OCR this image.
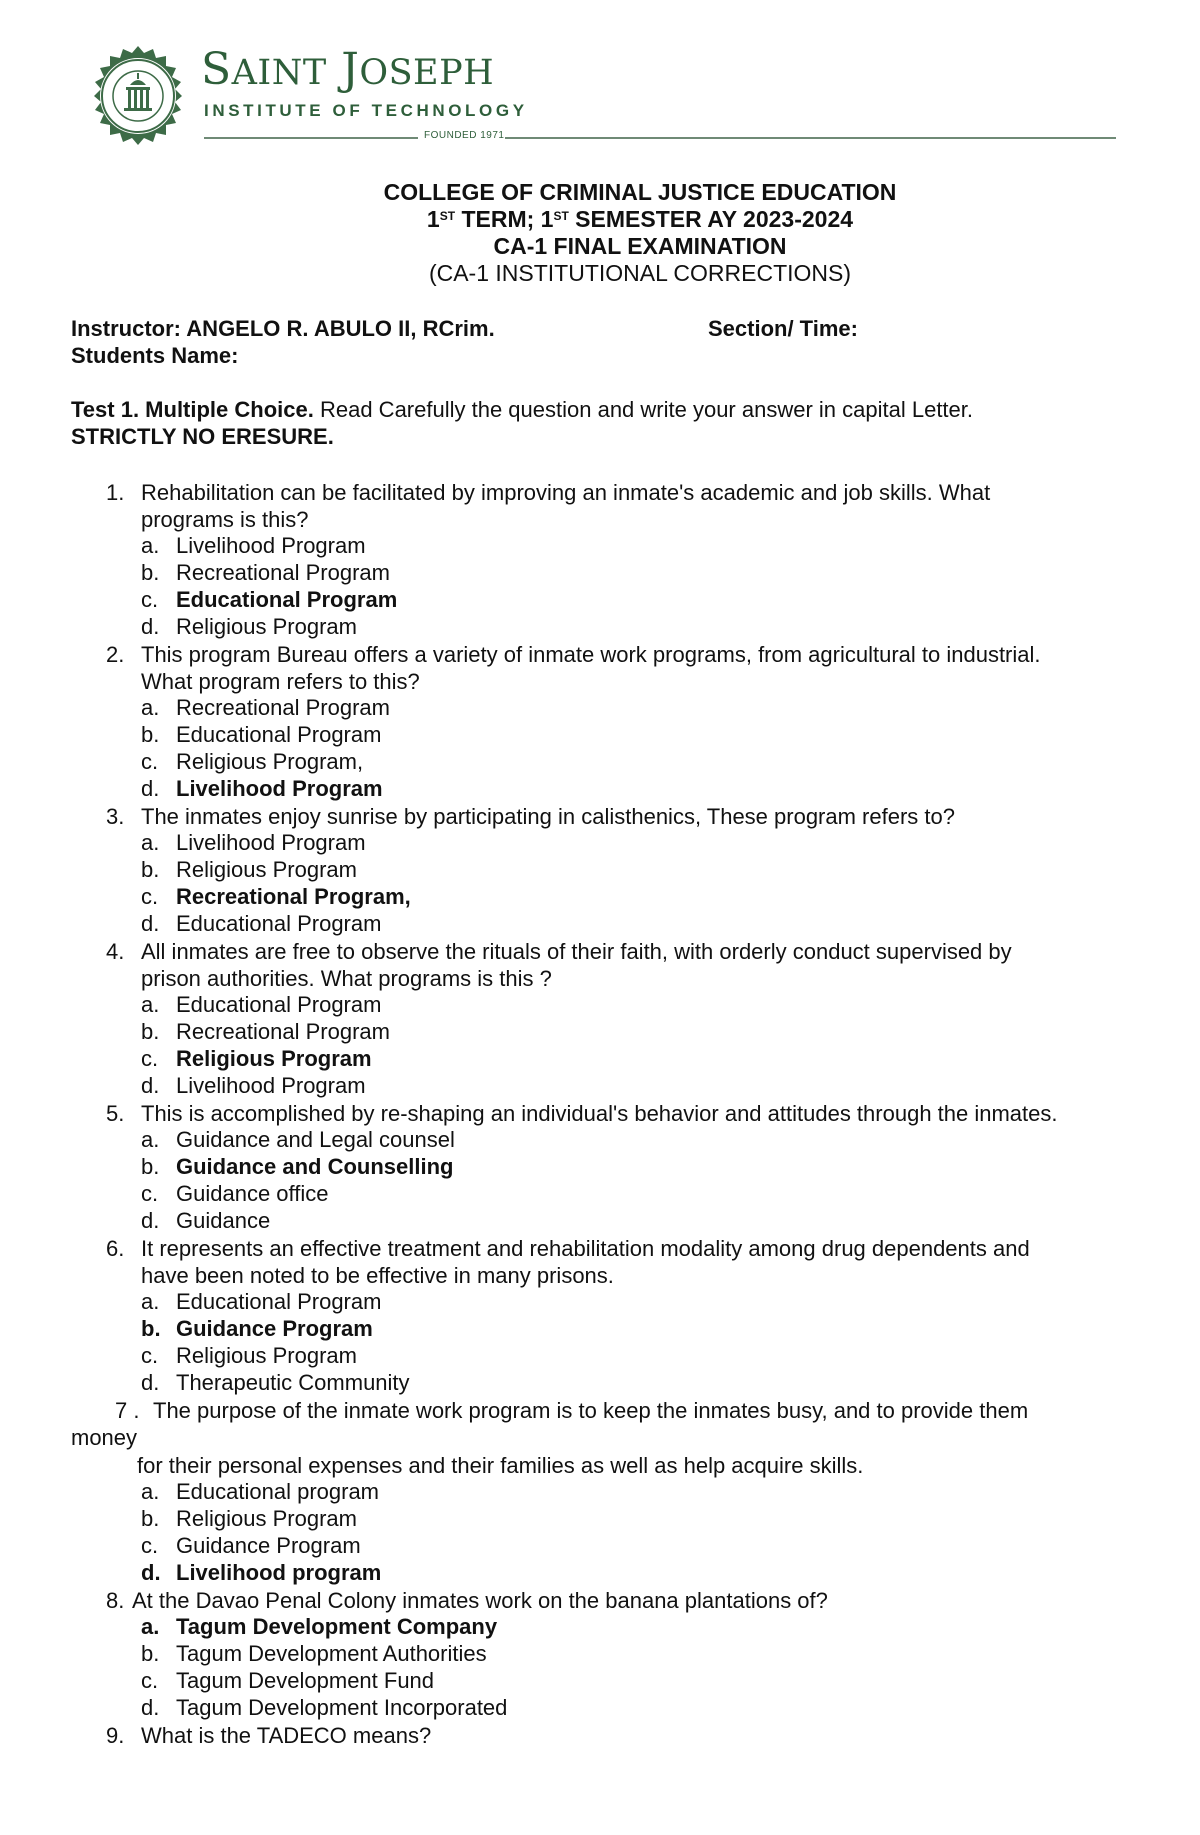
SAINT JOSEPH
INSTITUTE OF TECHNOLOGY
FOUNDED 1971
COLLEGE OF CRIMINAL JUSTICE EDUCATION
1ST TERM; 1ST SEMESTER AY 2023-2024
CA-1 FINAL EXAMINATION
(CA-1 INSTITUTIONAL CORRECTIONS)
Instructor: ANGELO R. ABULO II, RCrim.	Section/ Time:
Students Name:
Test 1. Multiple Choice. Read Carefully the question and write your answer in capital Letter.
STRICTLY NO ERESURE.
1. Rehabilitation can be facilitated by improving an inmate's academic and job skills. What
programs is this?
a. Livelihood Program
b. Recreational Program
c. Educational Program
d. Religious Program
2. This program Bureau offers a variety of inmate work programs, from agricultural to industrial.
What program refers to this?
a. Recreational Program
b. Educational Program
c. Religious Program,
d. Livelihood Program
3. The inmates enjoy sunrise by participating in calisthenics, These program refers to?
a. Livelihood Program
b. Religious Program
c. Recreational Program,
d. Educational Program
4. All inmates are free to observe the rituals of their faith, with orderly conduct supervised by
prison authorities. What programs is this ?
a. Educational Program
b. Recreational Program
c. Religious Program
d. Livelihood Program
5. This is accomplished by re-shaping an individual's behavior and attitudes through the inmates.
a. Guidance and Legal counsel
b. Guidance and Counselling
c. Guidance office
d. Guidance
6. It represents an effective treatment and rehabilitation modality among drug dependents and
have been noted to be effective in many prisons.
a. Educational Program
b. Guidance Program
c. Religious Program
d. Therapeutic Community
7 . The purpose of the inmate work program is to keep the inmates busy, and to provide them
money
for their personal expenses and their families as well as help acquire skills.
a. Educational program
b. Religious Program
c. Guidance Program
d. Livelihood program
8. At the Davao Penal Colony inmates work on the banana plantations of?
a. Tagum Development Company
b. Tagum Development Authorities
c. Tagum Development Fund
d. Tagum Development Incorporated
9. What is the TADECO means?
